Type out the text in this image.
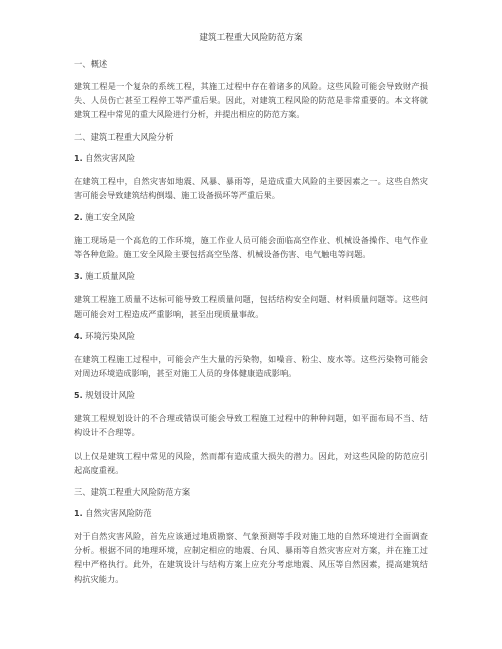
建筑工程重大风险防范方案
一、概述

建筑工程是一个复杂的系统工程，其施工过程中存在着诸多的风险。这些风险可能会导致财产损失、人员伤亡甚至工程停工等严重后果。因此，对建筑工程风险的防范是非常重要的。本文将就建筑工程中常见的重大风险进行分析，并提出相应的防范方案。

二、建筑工程重大风险分析
1. 自然灾害风险

在建筑工程中，自然灾害如地震、风暴、暴雨等，是造成重大风险的主要因素之一。这些自然灾害可能会导致建筑结构倒塌、施工设备损坏等严重后果。

2. 施工安全风险

施工现场是一个高危的工作环境，施工作业人员可能会面临高空作业、机械设备操作、电气作业等各种危险。施工安全风险主要包括高空坠落、机械设备伤害、电气触电等问题。

3. 施工质量风险

建筑工程施工质量不达标可能导致工程质量问题，包括结构安全问题、材料质量问题等。这些问题可能会对工程造成严重影响，甚至出现质量事故。

4. 环境污染风险

在建筑工程施工过程中，可能会产生大量的污染物，如噪音、粉尘、废水等。这些污染物可能会对周边环境造成影响，甚至对施工人员的身体健康造成影响。

5. 规划设计风险

建筑工程规划设计的不合理或错误可能会导致工程施工过程中的种种问题，如平面布局不当、结构设计不合理等。

以上仅是建筑工程中常见的风险，然而都有造成重大损失的潜力。因此，对这些风险的防范应引起高度重视。

三、建筑工程重大风险防范方案
1. 自然灾害风险防范

对于自然灾害风险，首先应该通过地质勘察、气象预测等手段对施工地的自然环境进行全面调查分析。根据不同的地理环境，应制定相应的地震、台风、暴雨等自然灾害应对方案，并在施工过程中严格执行。此外，在建筑设计与结构方案上应充分考虑地震、风压等自然因素，提高建筑结构抗灾能力。
